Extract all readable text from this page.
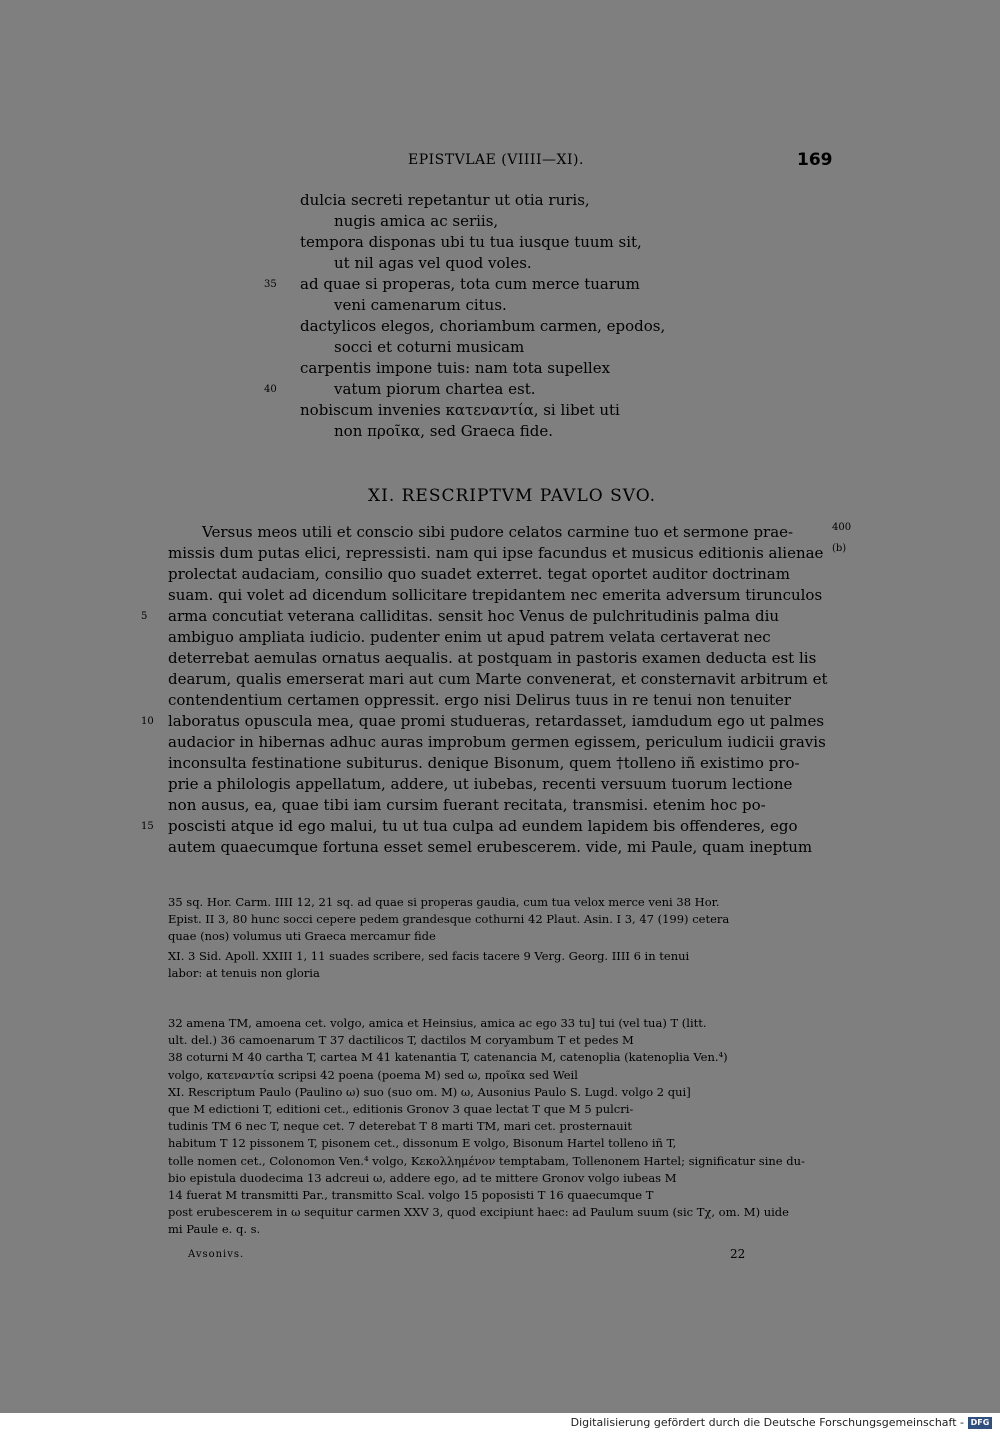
EPISTVLAE (VIIII—XI).	169
dulcia secreti repetantur ut otia ruris,
nugis amica ac seriis,
tempora disponas ubi tu tua iusque tuum sit,
ut nil agas vel quod voles.
35 ad quae si properas, tota cum merce tuarum
veni camenarum citus.
dactylicos elegos, choriambum carmen, epodos,
socci et coturni musicam
carpentis impone tuis: nam tota supellex
40	vatum piorum chartea est.
nobiscum invenies κατεναντία, si libet uti
non προῖκα, sed Graeca fide.
XI. RESCRIPTVM PAVLO SVO.
Versus meos utili et conscio sibi pudore celatos carmine tuo et sermone prae-	400
missis dum putas elici, repressisti. nam qui ipse facundus et musicus editionis alienae (b)
prolectat audaciam, consilio quo suadet exterret. tegat oportet auditor doctrinam
suam. qui volet ad dicendum sollicitare trepidantem nec emerita adversum tirunculos
5 arma concutiat veterana calliditas. sensit hoc Venus de pulchritudinis palma diu
ambiguo ampliata iudicio. pudenter enim ut apud patrem velata certaverat nec
deterrebat aemulas ornatus aequalis. at postquam in pastoris examen deducta est lis
dearum, qualis emerserat mari aut cum Marte convenerat, et consternavit arbitrum et
contendentium certamen oppressit. ergo nisi Delirus tuus in re tenui non tenuiter
10 laboratus opuscula mea, quae promi studueras, retardasset, iamdudum ego ut palmes
audacior in hibernas adhuc auras improbum germen egissem, periculum iudicii gravis
inconsulta festinatione subiturus. denique Bisonum, quem †tolleno iñ existimo pro-
prie a philologis appellatum, addere, ut iubebas, recenti versuum tuorum lectione
non ausus, ea, quae tibi iam cursim fuerant recitata, transmisi. etenim hoc po-
15 poscisti atque id ego malui, tu ut tua culpa ad eundem lapidem bis offenderes, ego
autem quaecumque fortuna esset semel erubescerem. vide, mi Paule, quam ineptum
35 sq. Hor. Carm. IIII 12, 21 sq. ad quae si properas gaudia, cum tua velox merce veni 38 Hor.
Epist. II 3, 80 hunc socci cepere pedem grandesque cothurni 42 Plaut. Asin. I 3, 47 (199) cetera
quae (nos) volumus uti Graeca mercamur fide
XI. 3 Sid. Apoll. XXIII 1, 11 suades scribere, sed facis tacere 9 Verg. Georg. IIII 6 in tenui
labor: at tenuis non gloria
32 amena TM, amoena cet. volgo, amica et Heinsius, amica ac ego 33 tu] tui (vel tua) T (litt.
ult. del.) 36 camoenarum T 37 dactilicos T, dactilos M coryambum T et pedes M
38 coturni M 40 cartha T, cartea M 41 katenantia T, catenancia M, catenoplia (katenoplia Ven.⁴)
volgo, κατεναντία scripsi 42 poena (poema M) sed ω, προῖκα sed Weil
XI. Rescriptum Paulo (Paulino ω) suo (suo om. M) ω, Ausonius Paulo S. Lugd. volgo 2 qui]
que M edictioni T, editioni cet., editionis Gronov 3 quae lectat T que M 5 pulcri-
tudinis TM 6 nec T, neque cet. 7 deterebat T 8 marti TM, mari cet. prosternauit
habitum T 12 pissonem T, pisonem cet., dissonum E volgo, Bisonum Hartel tolleno iñ T,
tolle nomen cet., Colonomon Ven.⁴ volgo, Κεκολλημένον temptabam, Tollenonem Hartel; significatur sine du-
bio epistula duodecima 13 adcreui ω, addere ego, ad te mittere Gronov volgo iubeas M
14 fuerat M transmitti Par., transmitto Scal. volgo 15 poposisti T 16 quaecumque T
post erubescerem in ω sequitur carmen XXV 3, quod excipiunt haec: ad Paulum suum (sic Tχ, om. M) uide
mi Paule e. q. s.
Avsonivs.	22
Digitalisierung gefördert durch die Deutsche Forschungsgemeinschaft - DFG
